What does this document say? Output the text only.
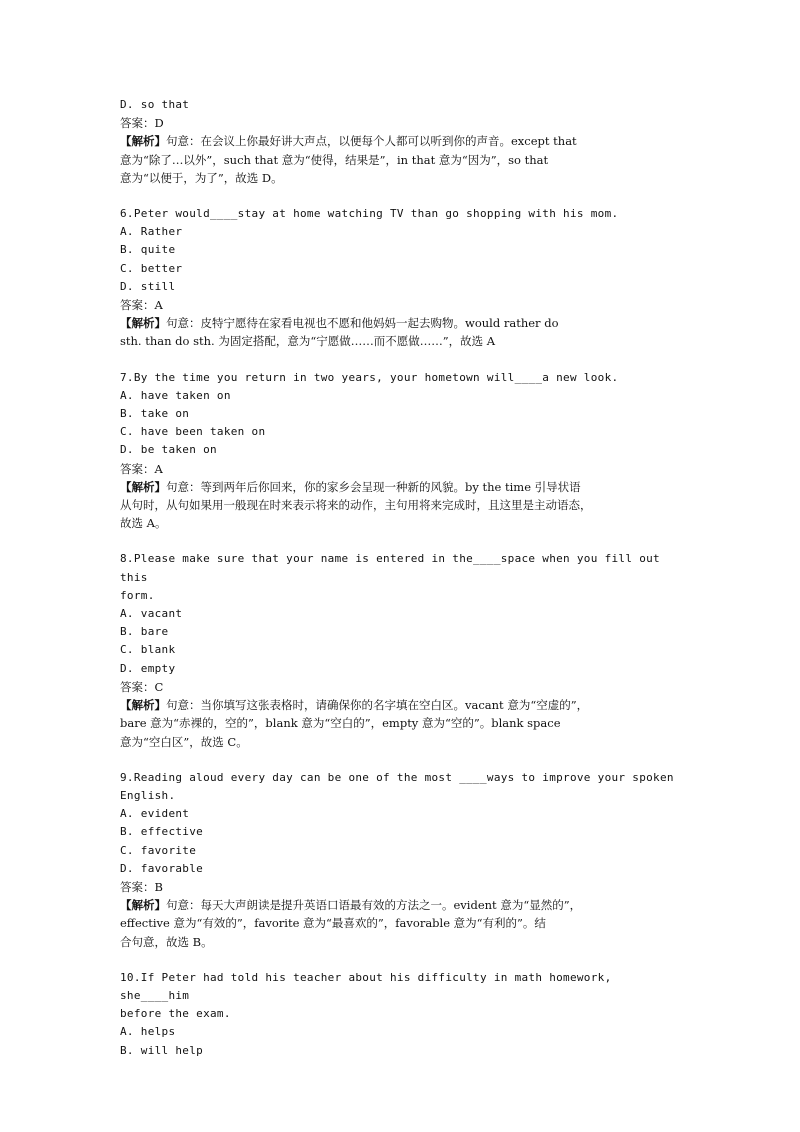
D. so that

答案：D

【解析】句意：在会议上你最好讲大声点，以便每个人都可以听到你的声音。except that

意为“除了…以外”，such that 意为“使得，结果是”，in that 意为“因为”，so that

意为“以便于，为了”，故选 D。

6.Peter would____stay at home watching TV than go shopping with his mom.

A. Rather

B. quite

C. better

D. still

答案：A

【解析】句意：皮特宁愿待在家看电视也不愿和他妈妈一起去购物。would rather do

sth. than do sth. 为固定搭配，意为“宁愿做……而不愿做……”，故选 A

7.By the time you return in two years, your hometown will____a new look.

A. have taken on

B. take on

C. have been taken on

D. be taken on

答案：A

【解析】句意：等到两年后你回来，你的家乡会呈现一种新的风貌。by the time 引导状语

从句时，从句如果用一般现在时来表示将来的动作，主句用将来完成时，且这里是主动语态，

故选 A。

8.Please make sure that your name is entered in the____space when you fill out this

form.

A. vacant

B. bare

C. blank

D. empty

答案：C

【解析】句意：当你填写这张表格时，请确保你的名字填在空白区。vacant 意为“空虚的”，

bare 意为“赤裸的，空的”，blank 意为“空白的”，empty 意为“空的”。blank space

意为“空白区”，故选 C。

9.Reading aloud every day can be one of the most ____ways to improve your spoken

English.

A. evident

B. effective

C. favorite

D. favorable

答案：B

【解析】句意：每天大声朗读是提升英语口语最有效的方法之一。evident 意为“显然的”，

effective 意为“有效的”，favorite 意为“最喜欢的”，favorable 意为“有利的”。结

合句意，故选 B。

10.If Peter had told his teacher about his difficulty in math homework, she____him

before the exam.

A. helps

B. will help
